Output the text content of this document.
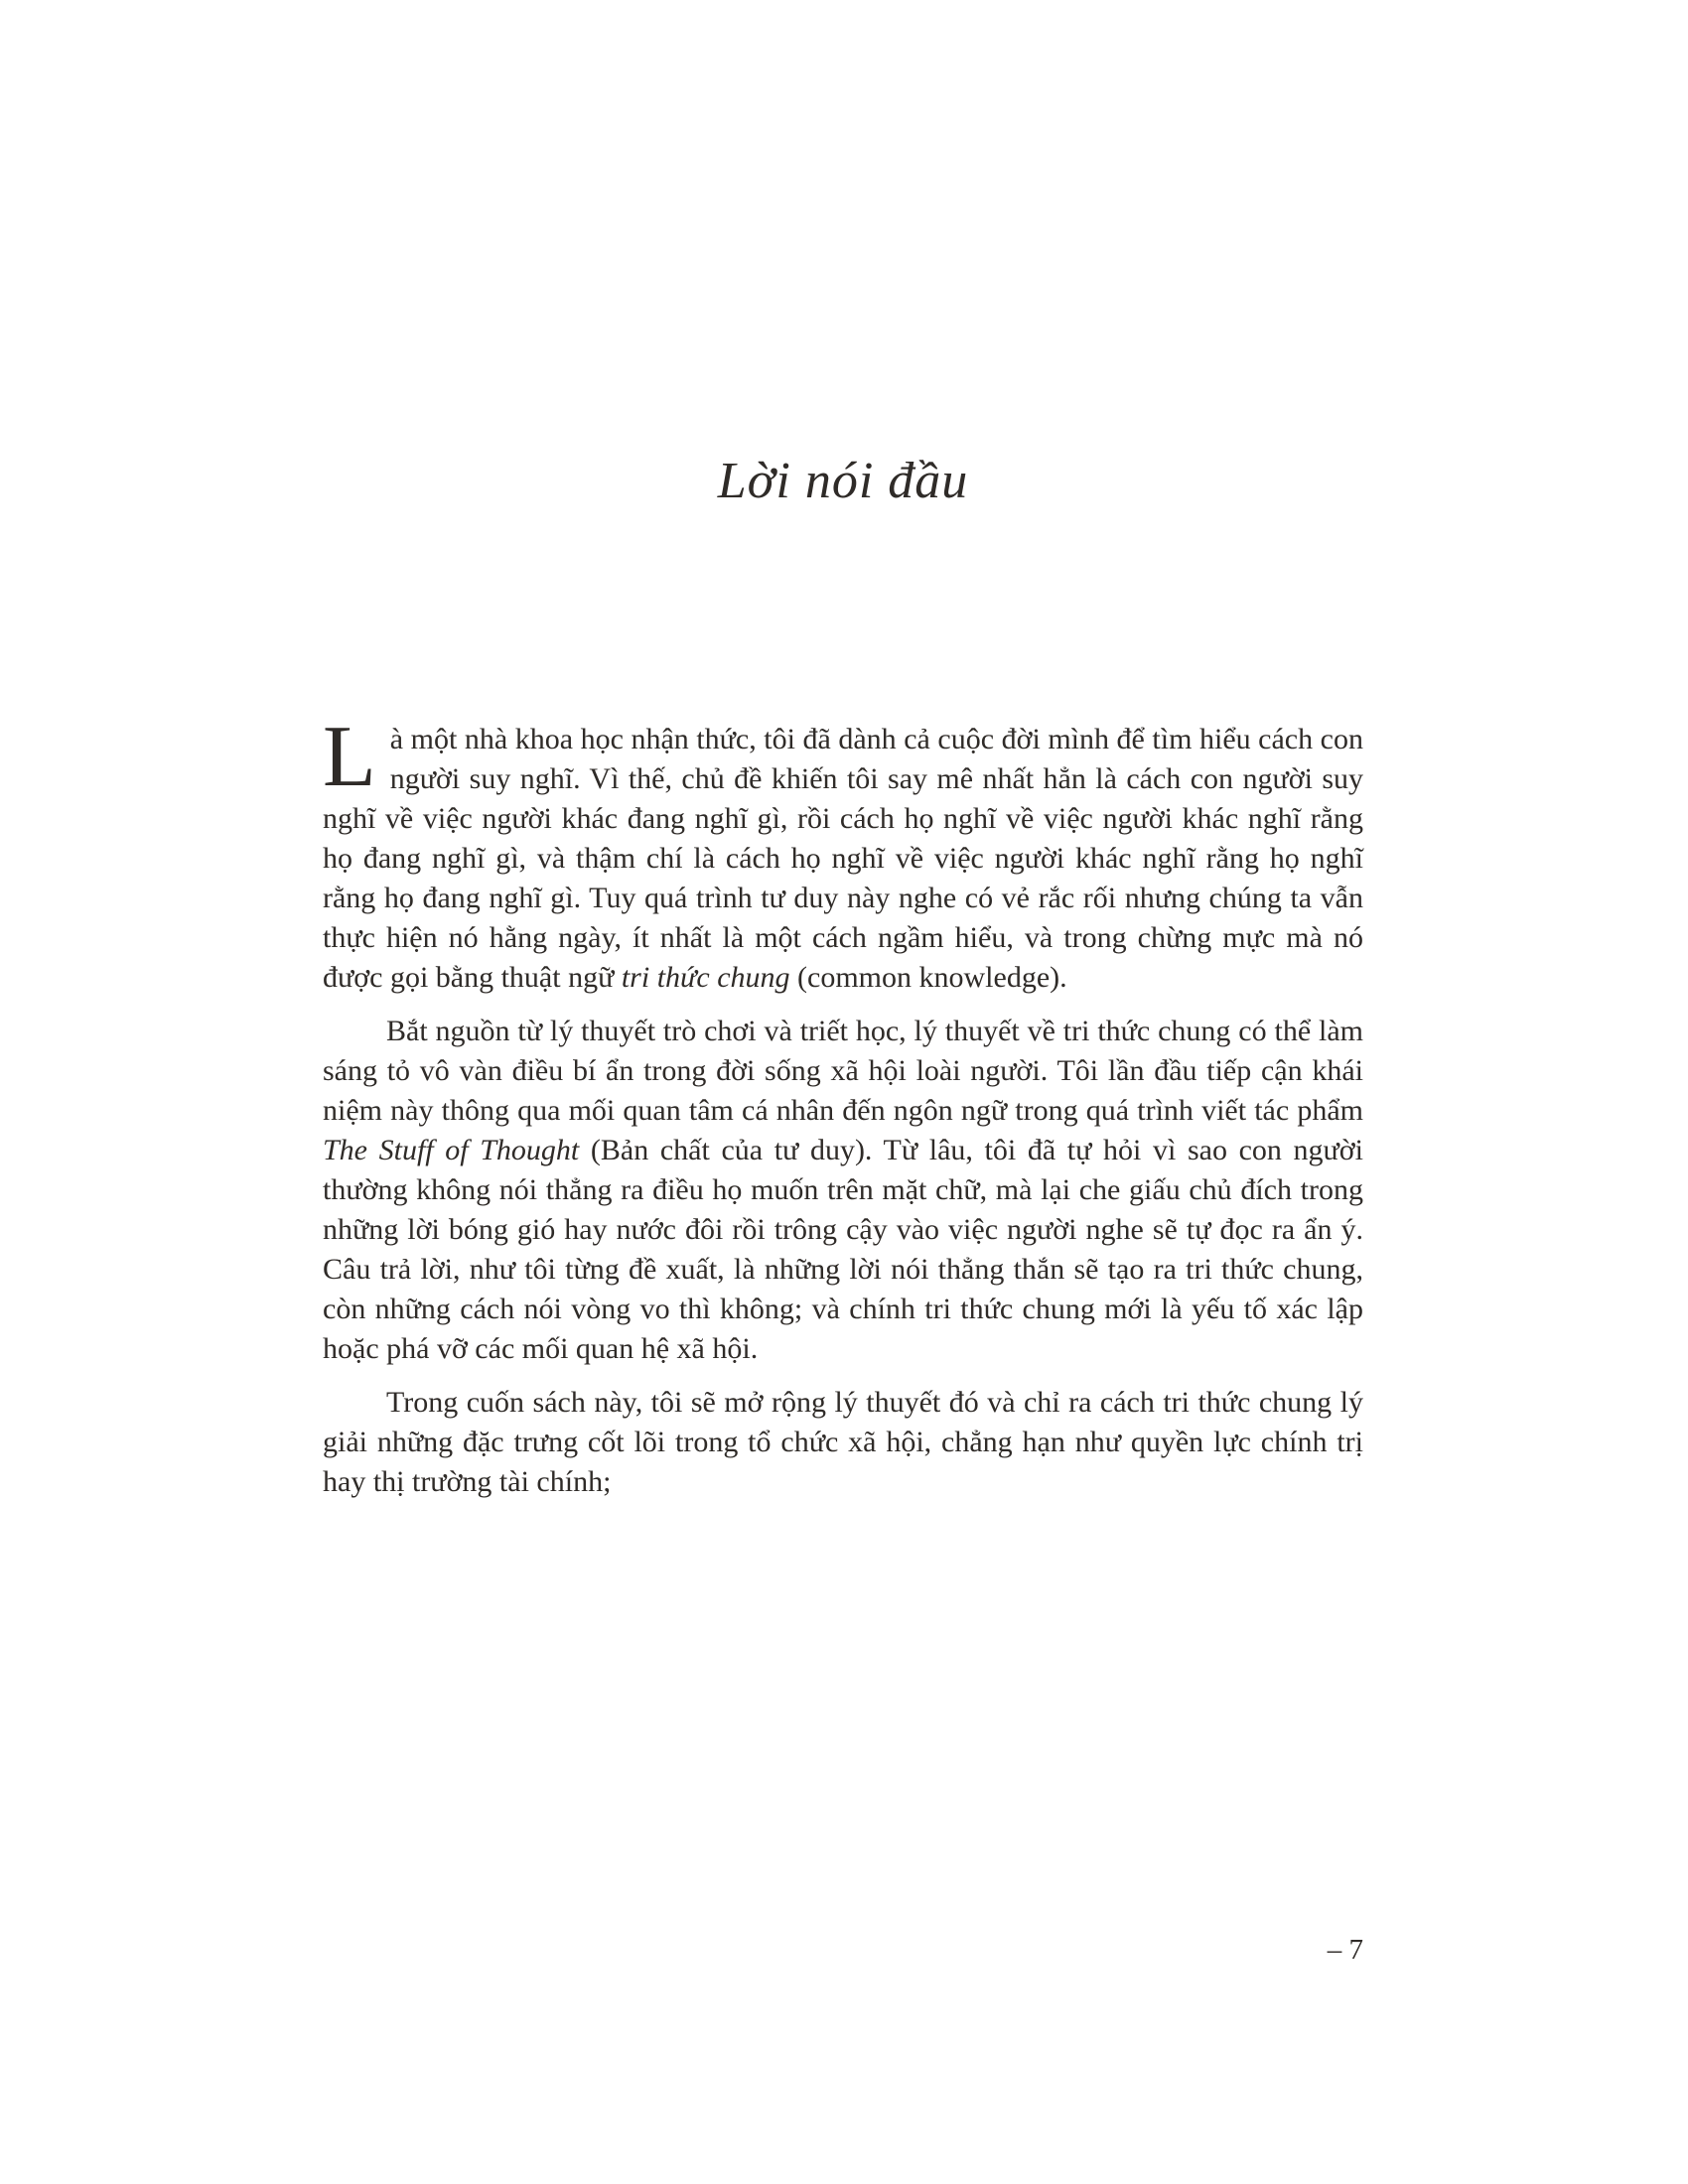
Lời nói đầu

Là một nhà khoa học nhận thức, tôi đã dành cả cuộc đời mình để tìm hiểu cách con người suy nghĩ. Vì thế, chủ đề khiến tôi say mê nhất hẳn là cách con người suy nghĩ về việc người khác đang nghĩ gì, rồi cách họ nghĩ về việc người khác nghĩ rằng họ đang nghĩ gì, và thậm chí là cách họ nghĩ về việc người khác nghĩ rằng họ nghĩ rằng họ đang nghĩ gì. Tuy quá trình tư duy này nghe có vẻ rắc rối nhưng chúng ta vẫn thực hiện nó hằng ngày, ít nhất là một cách ngầm hiểu, và trong chừng mực mà nó được gọi bằng thuật ngữ tri thức chung (common knowledge).

Bắt nguồn từ lý thuyết trò chơi và triết học, lý thuyết về tri thức chung có thể làm sáng tỏ vô vàn điều bí ẩn trong đời sống xã hội loài người. Tôi lần đầu tiếp cận khái niệm này thông qua mối quan tâm cá nhân đến ngôn ngữ trong quá trình viết tác phẩm The Stuff of Thought (Bản chất của tư duy). Từ lâu, tôi đã tự hỏi vì sao con người thường không nói thẳng ra điều họ muốn trên mặt chữ, mà lại che giấu chủ đích trong những lời bóng gió hay nước đôi rồi trông cậy vào việc người nghe sẽ tự đọc ra ẩn ý. Câu trả lời, như tôi từng đề xuất, là những lời nói thẳng thắn sẽ tạo ra tri thức chung, còn những cách nói vòng vo thì không; và chính tri thức chung mới là yếu tố xác lập hoặc phá vỡ các mối quan hệ xã hội.

Trong cuốn sách này, tôi sẽ mở rộng lý thuyết đó và chỉ ra cách tri thức chung lý giải những đặc trưng cốt lõi trong tổ chức xã hội, chẳng hạn như quyền lực chính trị hay thị trường tài chính;

– 7
